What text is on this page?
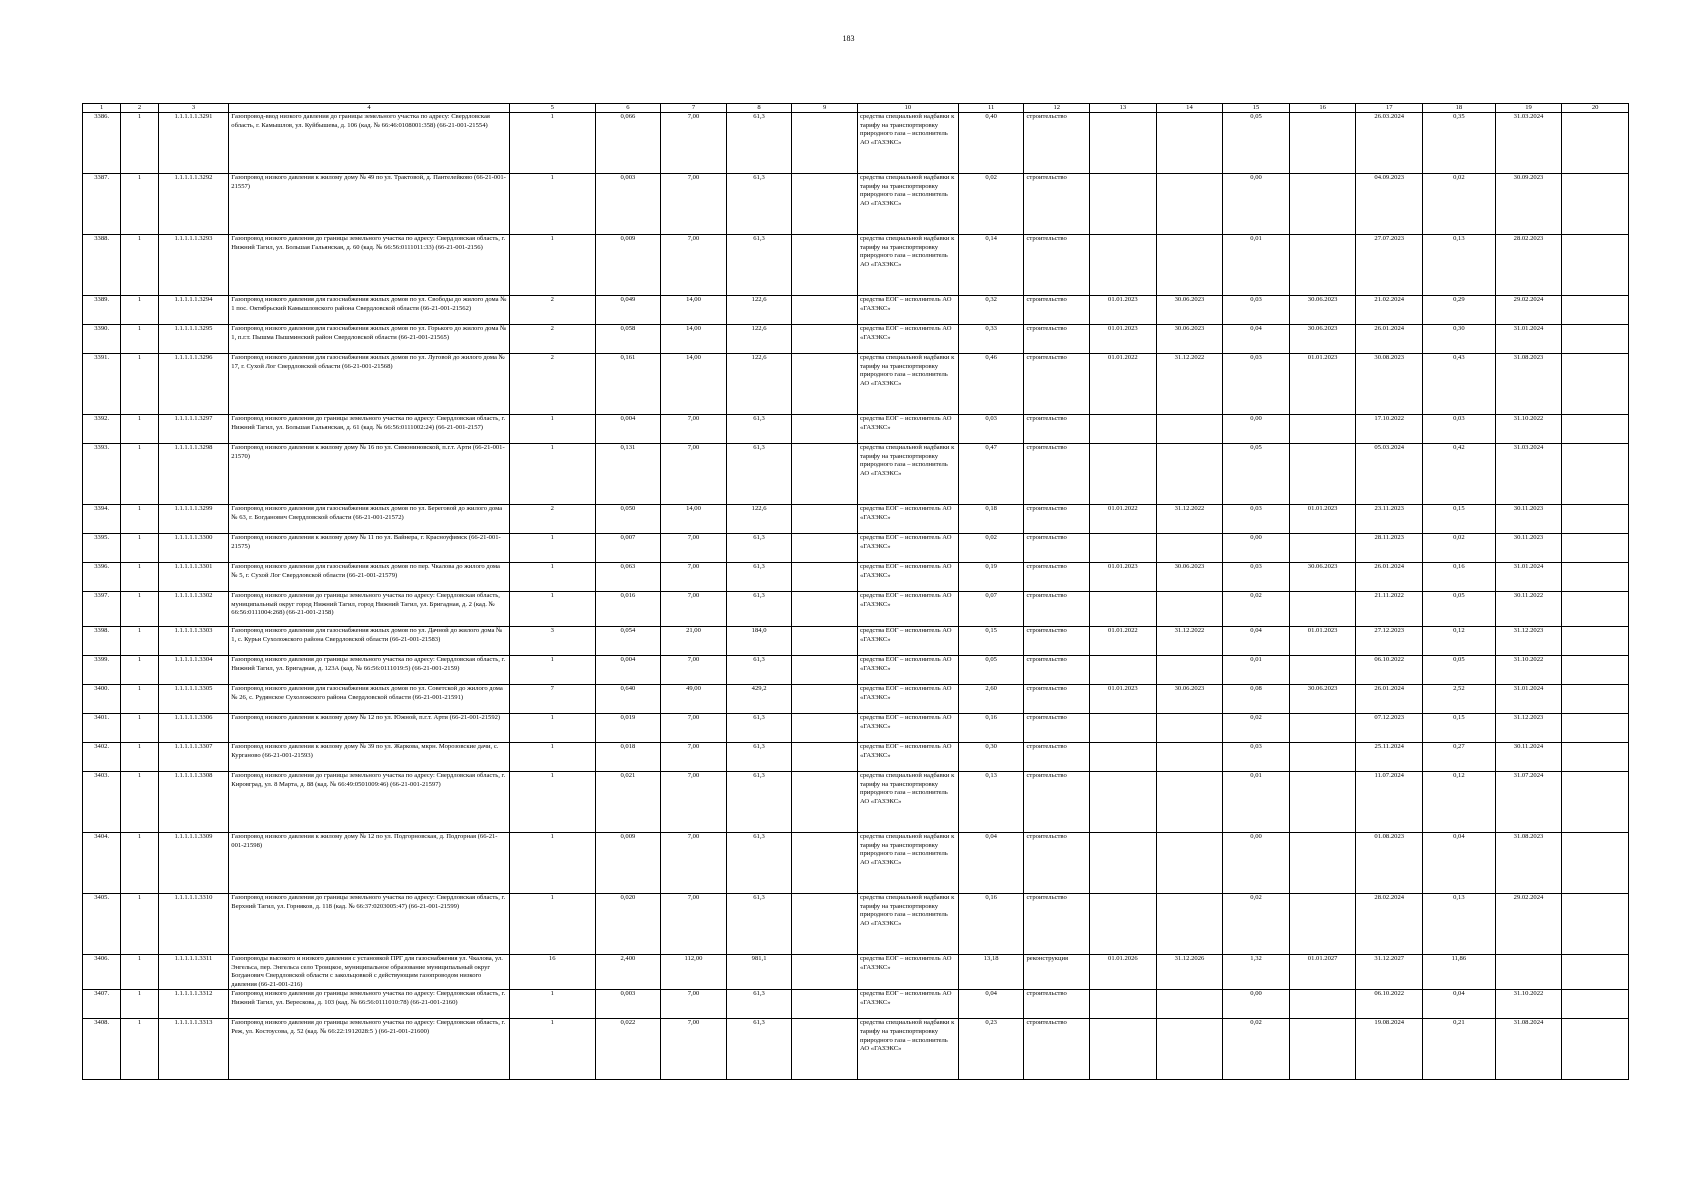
183
1	2	3	4	5	6	7	8	9	10	11	12	13	14	15	16	17	18	19	20
3386.	1	1.1.1.1.1.3291	Газопровод-ввод низкого давления до границы земельного участка по адресу: Свердловская область, г. Камышлов, ул. Куйбышева, д. 106 (кад. № 66:46:0108001:358) (66-21-001-21554)	1	0,066	7,00	61,3		средства специальной надбавки к тарифу на транспортировку природного газа – исполнитель АО «ГАЗЭКС»	0,40	строительство			0,05		26.03.2024	0,35	31.03.2024	
3387.	1	1.1.1.1.1.3292	Газопровод низкого давления к жилому дому № 49 по ул. Трактовой, д. Пантелейково (66-21-001-21557)	1	0,003	7,00	61,3		средства специальной надбавки к тарифу на транспортировку природного газа – исполнитель АО «ГАЗЭКС»	0,02	строительство			0,00		04.09.2023	0,02	30.09.2023	
3388.	1	1.1.1.1.1.3293	Газопровод низкого давления до границы земельного участка по адресу: Свердловская область, г. Нижний Тагил, ул. Большая Гальянская, д. 60 (кад. № 66:56:0111011:33) (66-21-001-2156)	1	0,009	7,00	61,3		средства специальной надбавки к тарифу на транспортировку природного газа – исполнитель АО «ГАЗЭКС»	0,14	строительство			0,01		27.07.2023	0,13	28.02.2023	
3389.	1	1.1.1.1.1.3294	Газопровод низкого давления для газоснабжения жилых домов по ул. Свободы до жилого дома № 1 пос. Октябрьский Камышловского района Свердловской области (66-21-001-21562)	2	0,049	14,00	122,6		средства ЕОГ – исполнитель АО «ГАЗЭКС»	0,32	строительство	01.01.2023	30.06.2023	0,03	30.06.2023	21.02.2024	0,29	29.02.2024	
3390.	1	1.1.1.1.1.3295	Газопровод низкого давления для газоснабжения жилых домов по ул. Горького до жилого дома № 1, п.г.т. Пышма Пышминский район Свердловской области (66-21-001-21565)	2	0,058	14,00	122,6		средства ЕОГ – исполнитель АО «ГАЗЭКС»	0,33	строительство	01.01.2023	30.06.2023	0,04	30.06.2023	26.01.2024	0,30	31.01.2024	
3391.	1	1.1.1.1.1.3296	Газопровод низкого давления для газоснабжения жилых домов по ул. Луговой до жилого дома № 17, г. Сухой Лог Свердловской области (66-21-001-21568)	2	0,161	14,00	122,6		средства специальной надбавки к тарифу на транспортировку природного газа – исполнитель АО «ГАЗЭКС»	0,46	строительство	01.01.2022	31.12.2022	0,03	01.01.2023	30.08.2023	0,43	31.08.2023	
3392.	1	1.1.1.1.1.3297	Газопровод низкого давления до границы земельного участка по адресу: Свердловская область, г. Нижний Тагил, ул. Большая Гальянская, д. 61 (кад. № 66:56:0111002:24) (66-21-001-2157)	1	0,004	7,00	61,3		средства ЕОГ – исполнитель АО «ГАЗЭКС»	0,03	строительство			0,00		17.10.2022	0,03	31.10.2022	
3393.	1	1.1.1.1.1.3298	Газопровод низкого давления к жилому дому № 16 по ул. Симониновской, п.г.т. Арти (66-21-001-21570)	1	0,131	7,00	61,3		средства специальной надбавки к тарифу на транспортировку природного газа – исполнитель АО «ГАЗЭКС»	0,47	строительство			0,05		05.03.2024	0,42	31.03.2024	
3394.	1	1.1.1.1.1.3299	Газопровод низкого давления для газоснабжения жилых домов по ул. Береговой до жилого дома № 63, г. Богданович Свердловской области (66-21-001-21572)	2	0,050	14,00	122,6		средства ЕОГ – исполнитель АО «ГАЗЭКС»	0,18	строительство	01.01.2022	31.12.2022	0,03	01.01.2023	23.11.2023	0,15	30.11.2023	
3395.	1	1.1.1.1.1.3300	Газопровод низкого давления к жилому дому № 11 по ул. Вайнера, г. Красноуфимск (66-21-001-21575)	1	0,007	7,00	61,3		средства ЕОГ – исполнитель АО «ГАЗЭКС»	0,02	строительство			0,00		28.11.2023	0,02	30.11.2023	
3396.	1	1.1.1.1.1.3301	Газопровод низкого давления для газоснабжения жилых домов по пер. Чкалова до жилого дома № 5, г. Сухой Лог Свердловской области (66-21-001-21579)	1	0,063	7,00	61,3		средства ЕОГ – исполнитель АО «ГАЗЭКС»	0,19	строительство	01.01.2023	30.06.2023	0,03	30.06.2023	26.01.2024	0,16	31.01.2024	
3397.	1	1.1.1.1.1.3302	Газопровод низкого давления до границы земельного участка по адресу: Свердловская область, муниципальный округ город Нижний Тагил, город Нижний Тагил, ул. Бригадная, д. 2 (кад. № 66:56:0111004:268) (66-21-001-2158)	1	0,016	7,00	61,3		средства ЕОГ – исполнитель АО «ГАЗЭКС»	0,07	строительство			0,02		21.11.2022	0,05	30.11.2022	
3398.	1	1.1.1.1.1.3303	Газопровод низкого давления для газоснабжения жилых домов по ул. Дачной до жилого дома № 1, с. Курьи Сухоложского района Свердловской области (66-21-001-21583)	3	0,054	21,00	184,0		средства ЕОГ – исполнитель АО «ГАЗЭКС»	0,15	строительство	01.01.2022	31.12.2022	0,04	01.01.2023	27.12.2023	0,12	31.12.2023	
3399.	1	1.1.1.1.1.3304	Газопровод низкого давления до границы земельного участка по адресу: Свердловская область, г. Нижний Тагил, ул. Бригадная, д. 123А (кад. № 66:56:0111019:5) (66-21-001-2159)	1	0,004	7,00	61,3		средства ЕОГ – исполнитель АО «ГАЗЭКС»	0,05	строительство			0,01		06.10.2022	0,05	31.10.2022	
3400.	1	1.1.1.1.1.3305	Газопровод низкого давления для газоснабжения жилых домов по ул. Советской до жилого дома № 26, с. Рудянское Сухоложского района Свердловской области (66-21-001-21591)	7	0,640	49,00	429,2		средства ЕОГ – исполнитель АО «ГАЗЭКС»	2,60	строительство	01.01.2023	30.06.2023	0,08	30.06.2023	26.01.2024	2,52	31.01.2024	
3401.	1	1.1.1.1.1.3306	Газопровод низкого давления к жилому дому № 12 по ул. Южной, п.г.т. Арти (66-21-001-21592)	1	0,019	7,00	61,3		средства ЕОГ – исполнитель АО «ГАЗЭКС»	0,16	строительство			0,02		07.12.2023	0,15	31.12.2023	
3402.	1	1.1.1.1.1.3307	Газопровод низкого давления к жилому дому № 39 по ул. Жаркова, мкрн. Морозовские дачи, с. Курганово (66-21-001-21593)	1	0,018	7,00	61,3		средства ЕОГ – исполнитель АО «ГАЗЭКС»	0,30	строительство			0,03		25.11.2024	0,27	30.11.2024	
3403.	1	1.1.1.1.1.3308	Газопровод низкого давления до границы земельного участка по адресу: Свердловская область, г. Кировград, ул. 8 Марта, д. 88 (кад. № 66:49:0501009:46) (66-21-001-21597)	1	0,021	7,00	61,3		средства специальной надбавки к тарифу на транспортировку природного газа – исполнитель АО «ГАЗЭКС»	0,13	строительство			0,01		11.07.2024	0,12	31.07.2024	
3404.	1	1.1.1.1.1.3309	Газопровод низкого давления к жилому дому № 12 по ул. Подгорновская, д. Подгорная (66-21-001-21598)	1	0,009	7,00	61,3		средства специальной надбавки к тарифу на транспортировку природного газа – исполнитель АО «ГАЗЭКС»	0,04	строительство			0,00		01.08.2023	0,04	31.08.2023	
3405.	1	1.1.1.1.1.3310	Газопровод низкого давления до границы земельного участка по адресу: Свердловская область, г. Верхний Тагил, ул. Горняков, д. 118 (кад. № 66:37:0203005:47) (66-21-001-21599)	1	0,020	7,00	61,3		средства специальной надбавки к тарифу на транспортировку природного газа – исполнитель АО «ГАЗЭКС»	0,16	строительство			0,02		28.02.2024	0,13	29.02.2024	
3406.	1	1.1.1.1.1.3311	Газопроводы высокого и низкого давления с установкой ПРГ для газоснабжения ул. Чкалова, ул. Энгельса, пер. Энгельса село Троицкое, муниципальное образование муниципальный округ Богданович Свердловской области с закольцовкой с действующим газопроводом низкого давления (66-21-001-216)	16	2,400	112,00	981,1		средства ЕОГ – исполнитель АО «ГАЗЭКС»	13,18	реконструкция	01.01.2026	31.12.2026	1,32	01.01.2027	31.12.2027	11,86		
3407.	1	1.1.1.1.1.3312	Газопровод низкого давления до границы земельного участка по адресу: Свердловская область, г. Нижний Тагил, ул. Верескова, д. 103 (кад. № 66:56:0111010:78) (66-21-001-2160)	1	0,003	7,00	61,3		средства ЕОГ – исполнитель АО «ГАЗЭКС»	0,04	строительство			0,00		06.10.2022	0,04	31.10.2022	
3408.	1	1.1.1.1.1.3313	Газопровод низкого давления до границы земельного участка по адресу: Свердловская область, г. Реж, ул. Костоусова, д. 52 (кад. № 66:22:1912028:5 ) (66-21-001-21600)	1	0,022	7,00	61,3		средства специальной надбавки к тарифу на транспортировку природного газа – исполнитель АО «ГАЗЭКС»	0,23	строительство			0,02		19.08.2024	0,21	31.08.2024	
